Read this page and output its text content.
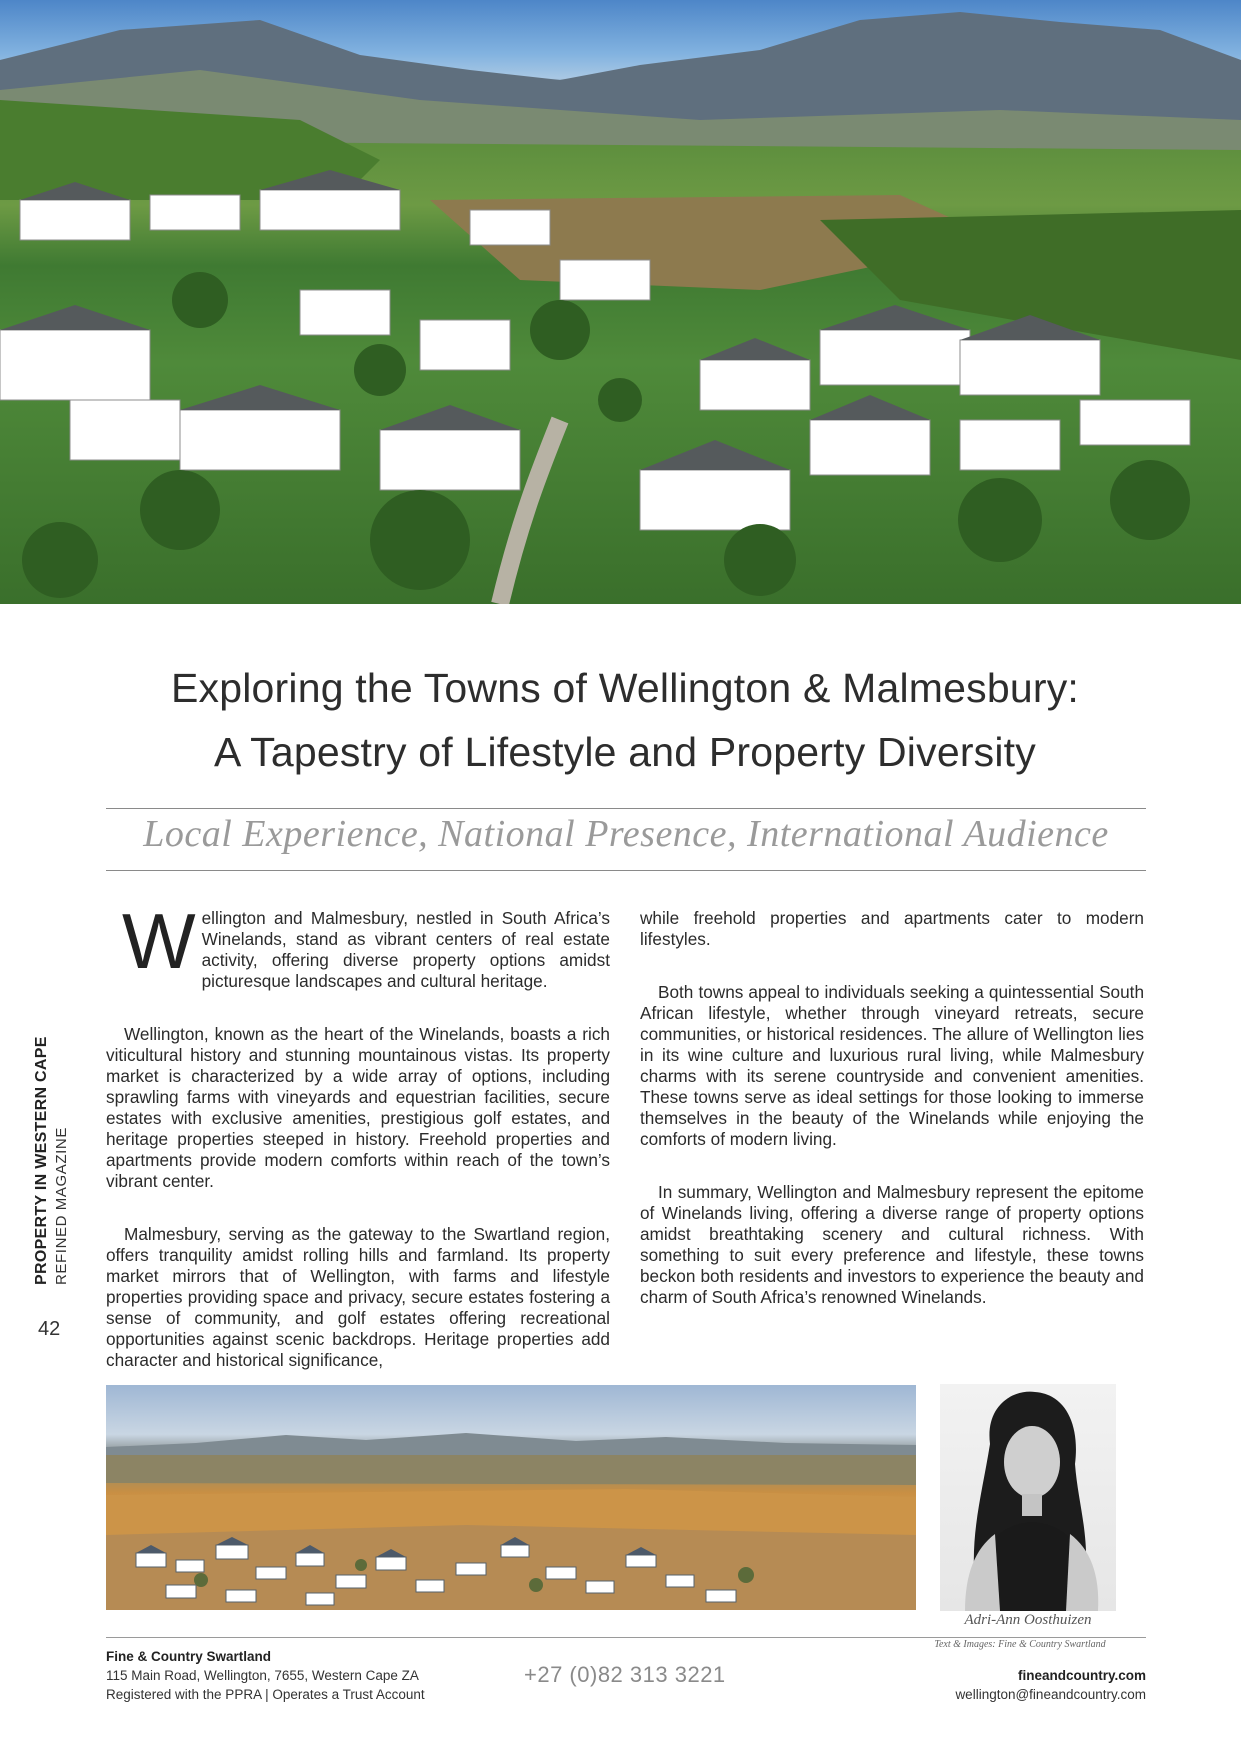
PROPERTY IN WESTERN CAPE REFINED MAGAZINE
42
Exploring the Towns of Wellington & Malmesbury:
A Tapestry of Lifestyle and Property Diversity
Local Experience, National Presence, International Audience

Wellington and Malmesbury, nestled in South Africa’s Winelands, stand as vibrant centers of real estate activity, offering diverse property options amidst picturesque landscapes and cultural heritage.

Wellington, known as the heart of the Winelands, boasts a rich viticultural history and stunning mountainous vistas. Its property market is characterized by a wide array of options, including sprawling farms with vineyards and equestrian facilities, secure estates with exclusive amenities, prestigious golf estates, and heritage properties steeped in history. Freehold properties and apartments provide modern comforts within reach of the town’s vibrant center.

Malmesbury, serving as the gateway to the Swartland region, offers tranquility amidst rolling hills and farmland. Its property market mirrors that of Wellington, with farms and lifestyle properties providing space and privacy, secure estates fostering a sense of community, and golf estates offering recreational opportunities against scenic backdrops. Heritage properties add character and historical significance,

while freehold properties and apartments cater to modern lifestyles.

Both towns appeal to individuals seeking a quintessential South African lifestyle, whether through vineyard retreats, secure communities, or historical residences. The allure of Wellington lies in its wine culture and luxurious rural living, while Malmesbury charms with its serene countryside and convenient amenities. These towns serve as ideal settings for those looking to immerse themselves in the beauty of the Winelands while enjoying the comforts of modern living.

In summary, Wellington and Malmesbury represent the epitome of Winelands living, offering a diverse range of property options amidst breathtaking scenery and cultural richness. With something to suit every preference and lifestyle, these towns beckon both residents and investors to experience the beauty and charm of South Africa’s renowned Winelands.

Adri-Ann Oosthuizen
Text & Images: Fine & Country Swartland
Fine & Country Swartland
115 Main Road, Wellington, 7655, Western Cape ZA
Registered with the PPRA | Operates a Trust Account
+27 (0)82 313 3221	fineandcountry.com
wellington@fineandcountry.com
